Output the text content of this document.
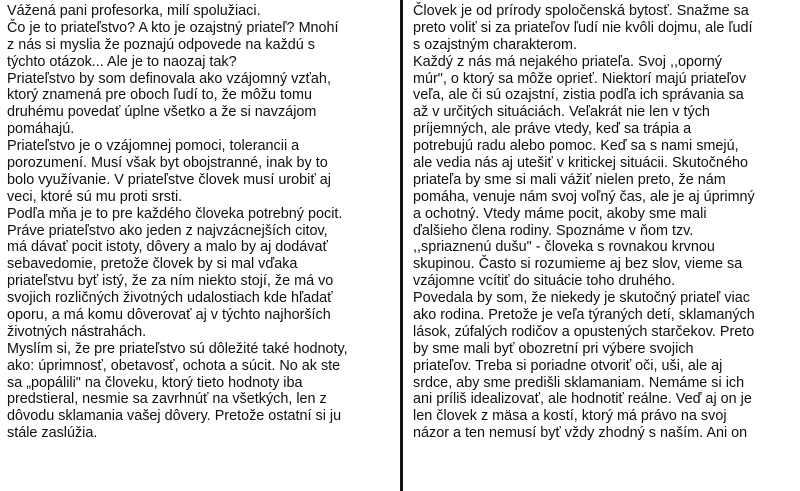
Vážená pani profesorka, milí spolužiaci.
Čo je to priateľstvo? A kto je ozajstný priateľ? Mnohí
z nás si myslia že poznajú odpovede na každú s
týchto otázok... Ale je to naozaj tak?
Priateľstvo by som definovala ako vzájomný vzťah,
ktorý znamená pre oboch ľudí to, že môžu tomu
druhému povedať úplne všetko a že si navzájom
pomáhajú.
Priateľstvo je o vzájomnej pomoci, tolerancii a
porozumení. Musí však byt obojstranné, inak by to
bolo využívanie. V priateľstve človek musí urobiť aj
veci, ktoré sú mu proti srsti.
Podľa mňa je to pre každého človeka potrebný pocit.
Práve priateľstvo ako jeden z najvzácnejších citov,
má dávať pocit istoty, dôvery a malo by aj dodávať
sebavedomie, pretože človek by si mal vďaka
priateľstvu byť istý, že za ním niekto stojí, že má vo
svojich rozličných životných udalostiach kde hľadať
oporu, a má komu dôverovať aj v týchto najhorších
životných nástrahách.
Myslím si, že pre priateľstvo sú dôležité také hodnoty,
ako: úprimnosť, obetavosť, ochota a súcit. No ak ste
sa „popálili" na človeku, ktorý tieto hodnoty iba
predstieral, nesmie sa zavrhnúť na všetkých, len z
dôvodu sklamania vašej dôvery. Pretože ostatní si ju
stále zaslúžia.
Človek je od prírody spoločenská bytosť. Snažme sa
preto voliť si za priateľov ľudí nie kvôli dojmu, ale ľudí
s ozajstným charakterom.
Každý z nás má nejakého priateľa. Svoj ,,oporný
múr", o ktorý sa môže oprieť. Niektorí majú priateľov
veľa, ale či sú ozajstní, zistia podľa ich správania sa
až v určitých situáciách. Veľakrát nie len v tých
príjemných, ale práve vtedy, keď sa trápia a
potrebujú radu alebo pomoc. Keď sa s nami smejú,
ale vedia nás aj utešiť v kritickej situácii. Skutočného
priateľa by sme si mali vážiť nielen preto, že nám
pomáha, venuje nám svoj voľný čas, ale je aj úprimný
a ochotný. Vtedy máme pocit, akoby sme mali
ďalšieho člena rodiny. Spoznáme v ňom tzv.
,,spriaznenú dušu" - človeka s rovnakou krvnou
skupinou. Často si rozumieme aj bez slov, vieme sa
vzájomne vcítiť do situácie toho druhého.
Povedala by som, že niekedy je skutočný priateľ viac
ako rodina. Pretože je veľa týraných detí, sklamaných
lások, zúfalých rodičov a opustených starčekov. Preto
by sme mali byť obozretní pri výbere svojich
priateľov. Treba si poriadne otvoriť oči, uši, ale aj
srdce, aby sme predišli sklamaniam. Nemáme si ich
ani príliš idealizovať, ale hodnotiť reálne. Veď aj on je
len človek z mäsa a kostí, ktorý má právo na svoj
názor a ten nemusí byť vždy zhodný s naším. Ani on
